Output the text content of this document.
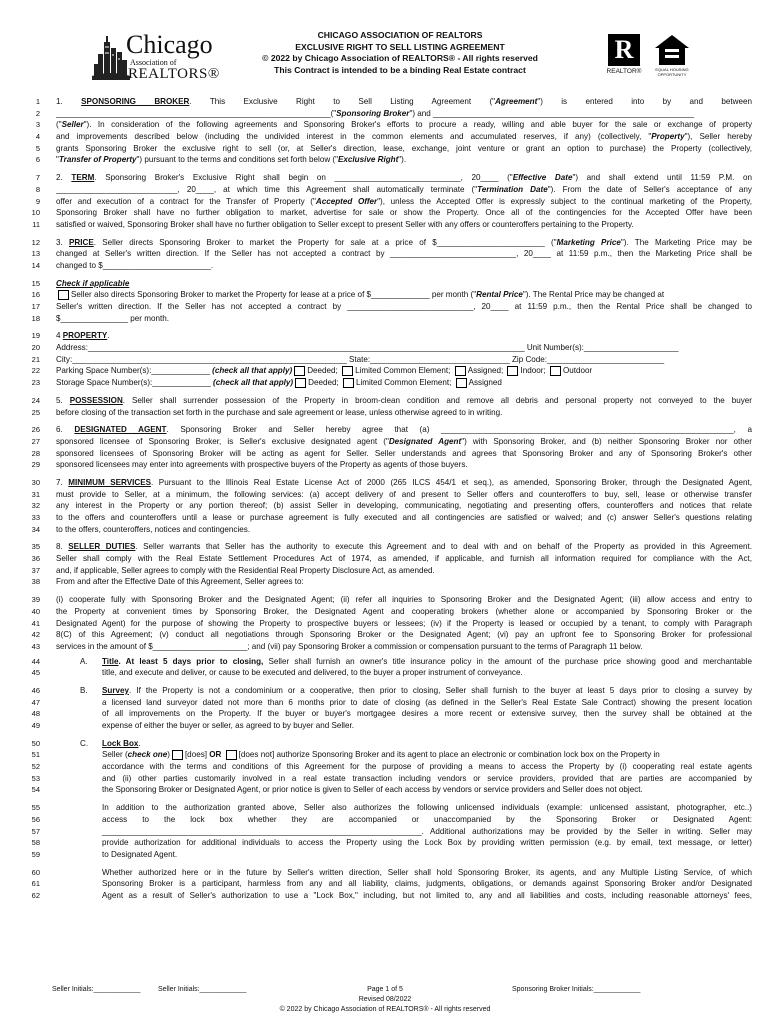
Chicago
Association of
REALTORS®
CHICAGO ASSOCIATION OF REALTORS
EXCLUSIVE RIGHT TO SELL LISTING AGREEMENT
© 2022 by Chicago Association of REALTORS® - All rights reserved
This Contract is intended to be a binding Real Estate contract
R
REALTOR®	EQUAL HOUSING OPPORTUNITY
1 1. SPONSORING BROKER. This Exclusive Right to Sell Listing Agreement ("Agreement") is entered into by and between
2 _____________________________________________________________("Sponsoring Broker") and __________________________________________________________
3 ("Seller"). In consideration of the following agreements and Sponsoring Broker's efforts to procure a ready, willing and able buyer for the sale or exchange of property
4 and improvements described below (including the undivided interest in the common elements and accumulated reserves, if any) (collectively, "Property"), Seller hereby
5 grants Sponsoring Broker the exclusive right to sell (or, at Seller's direction, lease, exchange, joint venture or grant an option to purchase) the Property (collectively,
6 "Transfer of Property") pursuant to the terms and conditions set forth below ("Exclusive Right").
7 2. TERM. Sponsoring Broker's Exclusive Right shall begin on ____________________________, 20____ ("Effective Date") and shall extend until 11:59 P.M. on
8 ___________________________, 20____, at which time this Agreement shall automatically terminate ("Termination Date"). From the date of Seller's acceptance of any
9 offer and execution of a contract for the Transfer of Property ("Accepted Offer"), unless the Accepted Offer is expressly subject to the continual marketing of the Property,
10 Sponsoring Broker shall have no further obligation to market, advertise for sale or show the Property. Once all of the contingencies for the Accepted Offer have been
11 satisfied or waived, Sponsoring Broker shall have no further obligation to Seller except to present Seller with any offers or counteroffers pertaining to the Property.
12 3. PRICE. Seller directs Sponsoring Broker to market the Property for sale at a price of $________________________ ("Marketing Price"). The Marketing Price may be
13 changed at Seller's written direction. If the Seller has not accepted a contract by ____________________________, 20____ at 11:59 p.m., then the Marketing Price shall be
14 changed to $________________________.
15 Check if applicable
16	Seller also directs Sponsoring Broker to market the Property for lease at a price of $_____________ per month ("Rental Price"). The Rental Price may be changed at
17 Seller's written direction. If the Seller has not accepted a contract by ____________________________, 20____ at 11:59 p.m., then the Rental Price shall be changed to
18 $_______________ per month.
19 4 PROPERTY.
20 Address:_________________________________________________________________________________________________ Unit Number(s):_____________________
21 City:_____________________________________________________________ State:_______________________________ Zip Code:__________________________
22 Parking Space Number(s):_____________ (check all that apply) Deeded; Limited Common Element; Assigned; Indoor; Outdoor
23 Storage Space Number(s):_____________ (check all that apply) Deeded; Limited Common Element; Assigned
24 5. POSSESSION. Seller shall surrender possession of the Property in broom-clean condition and remove all debris and personal property not conveyed to the buyer
25 before closing of the transaction set forth in the purchase and sale agreement or lease, unless otherwise agreed to in writing.
26 6. DESIGNATED AGENT. Sponsoring Broker and Seller hereby agree that (a) _________________________________________________________________, a
27 sponsored licensee of Sponsoring Broker, is Seller's exclusive designated agent ("Designated Agent") with Sponsoring Broker, and (b) neither Sponsoring Broker nor other
28 sponsored licensees of Sponsoring Broker will be acting as agent for Seller. Seller understands and agrees that Sponsoring Broker and any of Sponsoring Broker's other
29 sponsored licensees may enter into agreements with prospective buyers of the Property as agents of those buyers.
30 7. MINIMUM SERVICES. Pursuant to the Illinois Real Estate License Act of 2000 (265 ILCS 454/1 et seq.), as amended, Sponsoring Broker, through the Designated Agent,
31 must provide to Seller, at a minimum, the following services: (a) accept delivery of and present to Seller offers and counteroffers to buy, sell, lease or otherwise transfer
32 any interest in the Property or any portion thereof; (b) assist Seller in developing, communicating, negotiating and presenting offers, counteroffers and notices that relate
33 to the offers and counteroffers until a lease or purchase agreement is fully executed and all contingencies are satisfied or waived; and (c) answer Seller's questions relating
34 to the offers, counteroffers, notices and contingencies.
35 8. SELLER DUTIES. Seller warrants that Seller has the authority to execute this Agreement and to deal with and on behalf of the Property as provided in this Agreement.
36 Seller shall comply with the Real Estate Settlement Procedures Act of 1974, as amended, if applicable, and furnish all information required for compliance with the Act,
37 and, if applicable, Seller agrees to comply with the Residential Real Property Disclosure Act, as amended.
38 From and after the Effective Date of this Agreement, Seller agrees to:
39 (i) cooperate fully with Sponsoring Broker and the Designated Agent; (ii) refer all inquiries to Sponsoring Broker and the Designated Agent; (iii) allow access and entry to
40 the Property at convenient times by Sponsoring Broker, the Designated Agent and cooperating brokers (whether alone or accompanied by Sponsoring Broker or the
41 Designated Agent) for the purpose of showing the Property to prospective buyers or lessees; (iv) if the Property is leased or occupied by a tenant, to comply with Paragraph
42 8(C) of this Agreement; (v) conduct all negotiations through Sponsoring Broker or the Designated Agent; (vi) pay an upfront fee to Sponsoring Broker for professional
43 services in the amount of $_____________________; and (vii) pay Sponsoring Broker a commission or compensation pursuant to the terms of Paragraph 11 below.
44	A.	Title. At least 5 days prior to closing, Seller shall furnish an owner's title insurance policy in the amount of the purchase price showing good and merchantable
45	title, and execute and deliver, or cause to be executed and delivered, to the buyer a proper instrument of conveyance.
46	B.	Survey. If the Property is not a condominium or a cooperative, then prior to closing, Seller shall furnish to the buyer at least 5 days prior to closing a survey by
47	a licensed land surveyor dated not more than 6 months prior to date of closing (as defined in the Seller's Real Estate Sale Contract) showing the present location
48	of all improvements on the Property. If the buyer or buyer's mortgagee desires a more recent or extensive survey, then the survey shall be obtained at the
49	expense of either the buyer or seller, as agreed to by buyer and Seller.
50	C.	Lock Box.
51	Seller (check one) [does] OR [does not] authorize Sponsoring Broker and its agent to place an electronic or combination lock box on the Property in
52	accordance with the terms and conditions of this Agreement for the purpose of providing a means to access the Property by (i) cooperating real estate agents
53	and (ii) other parties customarily involved in a real estate transaction including vendors or service providers, provided that are parties are accompanied by
54	the Sponsoring Broker or Designated Agent, or prior notice is given to Seller of each access by vendors or service providers and Seller does not object.
55	In addition to the authorization granted above, Seller also authorizes the following unlicensed individuals (example: unlicensed assistant, photographer, etc..)
56	access to the lock box whether they are accompanied or unaccompanied by the Sponsoring Broker or Designated Agent:
57	_______________________________________________________________________. Additional authorizations may be provided by the Seller in writing. Seller may
58	provide authorization for additional individuals to access the Property using the Lock Box by providing written permission (e.g. by email, text message, or letter)
59	to Designated Agent.
60	Whether authorized here or in the future by Seller's written direction, Seller shall hold Sponsoring Broker, its agents, and any Multiple Listing Service, of which
61	Sponsoring Broker is a participant, harmless from any and all liability, claims, judgments, obligations, or demands against Sponsoring Broker and/or Designated
62	Agent as a result of Seller's authorization to use a "Lock Box," including, but not limited to, any and all liabilities and costs, including reasonable attorneys' fees,
Seller Initials:____________	Seller Initials:____________	Page 1 of 5
Revised 08/2022
© 2022 by Chicago Association of REALTORS® - All rights reserved
Sponsoring Broker Initials:____________
